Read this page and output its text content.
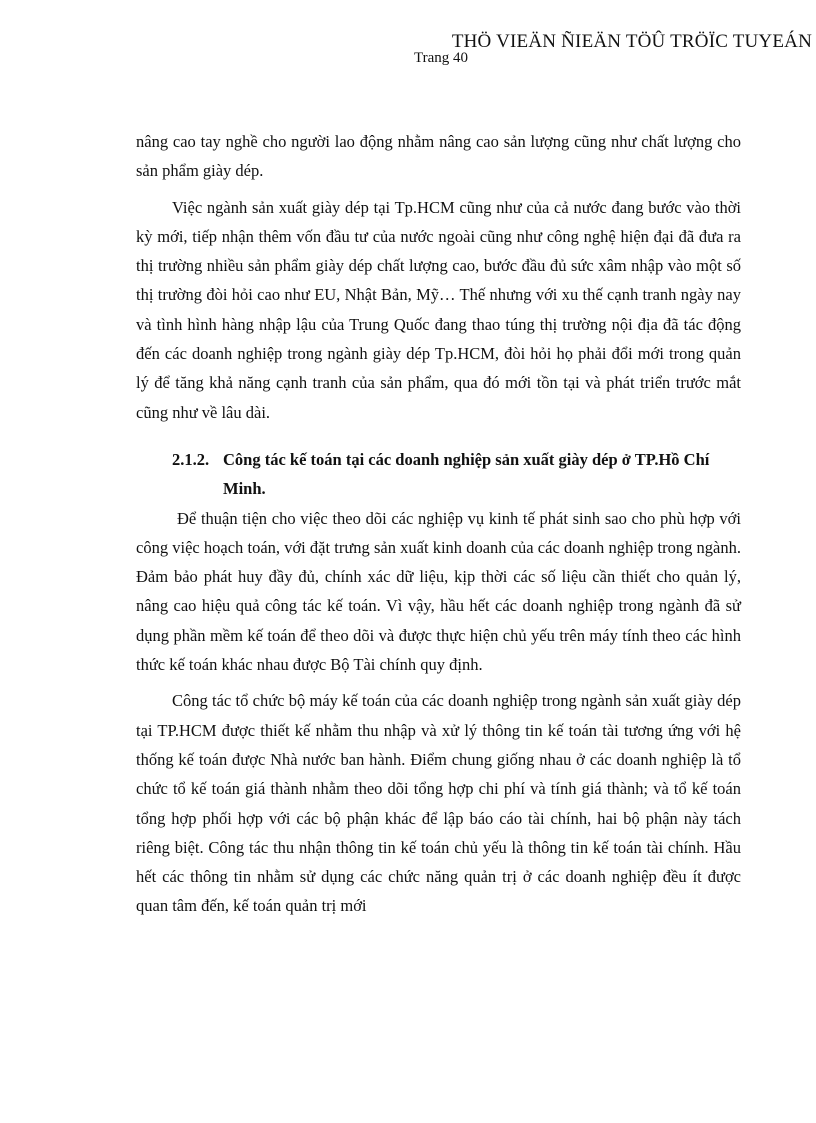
THÖ VIEÄN ÑIEÄN TÖÛ TRÖÏC TUYEÁN
Trang 40

nâng cao tay nghề cho người lao động nhằm nâng cao sản lượng cũng như chất lượng cho sản phẩm giày dép.

Việc ngành sản xuất giày dép tại Tp.HCM cũng như của cả nước đang bước vào thời kỳ mới, tiếp nhận thêm vốn đầu tư của nước ngoài cũng như công nghệ hiện đại đã đưa ra thị trường nhiều sản phẩm giày dép chất lượng cao, bước đầu đủ sức xâm nhập vào một số thị trường đòi hỏi cao như EU, Nhật Bản, Mỹ… Thế nhưng với xu thế cạnh tranh ngày nay và tình hình hàng nhập lậu của Trung Quốc đang thao túng thị trường nội địa đã tác động đến các doanh nghiệp trong ngành giày dép Tp.HCM, đòi hỏi họ phải đổi mới trong quản lý để tăng khả năng cạnh tranh của sản phẩm, qua đó mới tồn tại và phát triển trước mắt cũng như về lâu dài.

2.1.2. Công tác kế toán tại các doanh nghiệp sản xuất giày dép ở TP.Hồ Chí Minh.

Để thuận tiện cho việc theo dõi các nghiệp vụ kinh tế phát sinh sao cho phù hợp với công việc hoạch toán, với đặt trưng sản xuất kinh doanh của các doanh nghiệp trong ngành. Đảm bảo phát huy đầy đủ, chính xác dữ liệu, kịp thời các số liệu cần thiết cho quản lý, nâng cao hiệu quả công tác kế toán. Vì vậy, hầu hết các doanh nghiệp trong ngành đã sử dụng phần mềm kế toán để theo dõi và được thực hiện chủ yếu trên máy tính theo các hình thức kế toán khác nhau được Bộ Tài chính quy định.

Công tác tổ chức bộ máy kế toán của các doanh nghiệp trong ngành sản xuất giày dép tại TP.HCM được thiết kế nhằm thu nhập và xử lý thông tin kế toán tài tương ứng với hệ thống kế toán được Nhà nước ban hành. Điểm chung giống nhau ở các doanh nghiệp là tổ chức tổ kế toán giá thành nhằm theo dõi tổng hợp chi phí và tính giá thành; và tổ kế toán tổng hợp phối hợp với các bộ phận khác để lập báo cáo tài chính, hai bộ phận này tách riêng biệt. Công tác thu nhận thông tin kế toán chủ yếu là thông tin kế toán tài chính. Hầu hết các thông tin nhằm sử dụng các chức năng quản trị ở các doanh nghiệp đều ít được quan tâm đến, kế toán quản trị mới
